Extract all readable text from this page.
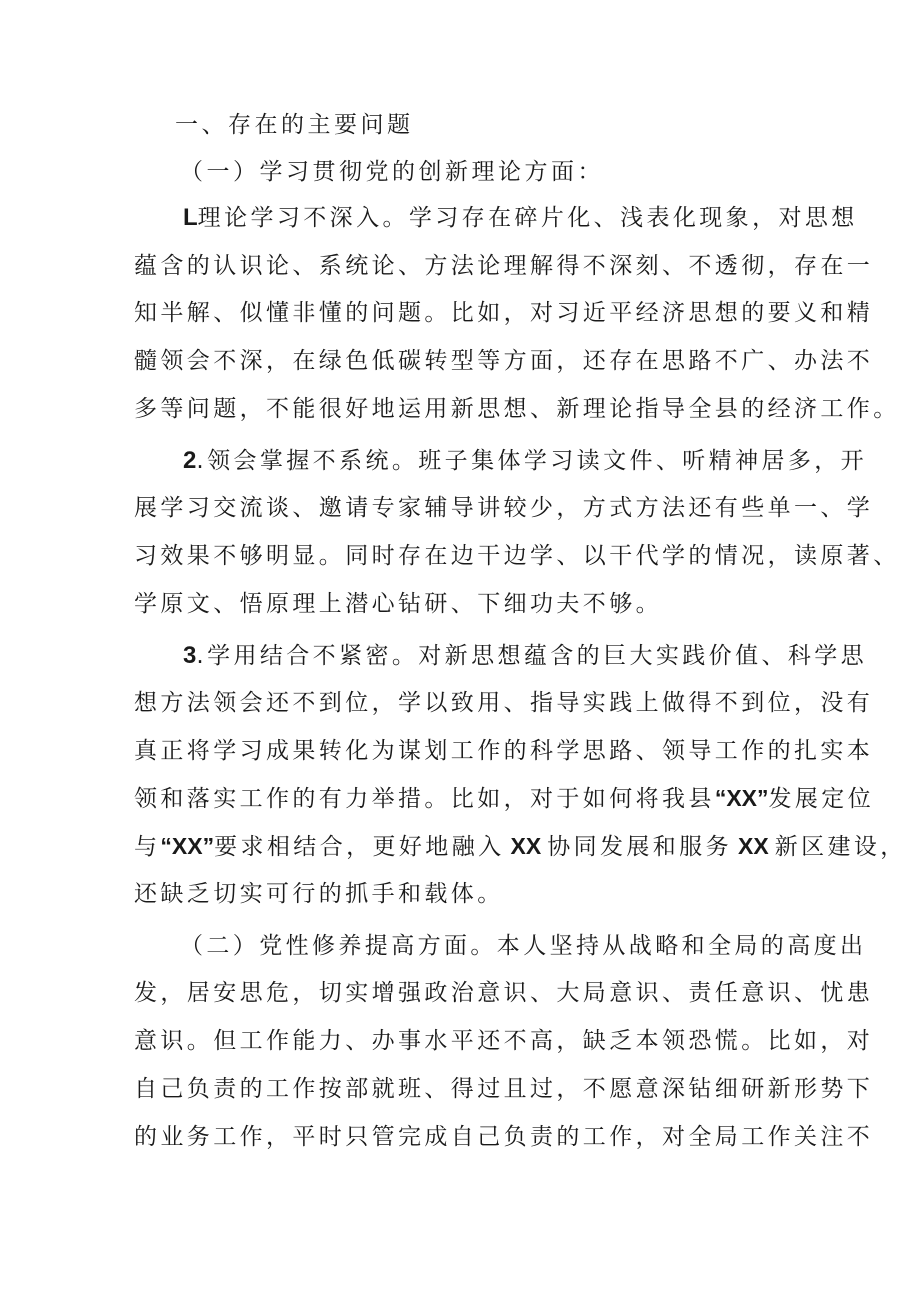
一、存在的主要问题
（一）学习贯彻党的创新理论方面：
L理论学习不深入。学习存在碎片化、浅表化现象，对思想
蕴含的认识论、系统论、方法论理解得不深刻、不透彻，存在一
知半解、似懂非懂的问题。比如，对习近平经济思想的要义和精
髓领会不深，在绿色低碳转型等方面，还存在思路不广、办法不
多等问题，不能很好地运用新思想、新理论指导全县的经济工作。
2.领会掌握不系统。班子集体学习读文件、听精神居多，开
展学习交流谈、邀请专家辅导讲较少，方式方法还有些单一、学
习效果不够明显。同时存在边干边学、以干代学的情况，读原著、
学原文、悟原理上潜心钻研、下细功夫不够。
3.学用结合不紧密。对新思想蕴含的巨大实践价值、科学思
想方法领会还不到位，学以致用、指导实践上做得不到位，没有
真正将学习成果转化为谋划工作的科学思路、领导工作的扎实本
领和落实工作的有力举措。比如，对于如何将我县“XX”发展定位
与“XX”要求相结合，更好地融入 XX 协同发展和服务 XX 新区建设，
还缺乏切实可行的抓手和载体。
（二）党性修养提高方面。本人坚持从战略和全局的高度出
发，居安思危，切实增强政治意识、大局意识、责任意识、忧患
意识。但工作能力、办事水平还不高，缺乏本领恐慌。比如，对
自己负责的工作按部就班、得过且过，不愿意深钻细研新形势下
的业务工作，平时只管完成自己负责的工作，对全局工作关注不
